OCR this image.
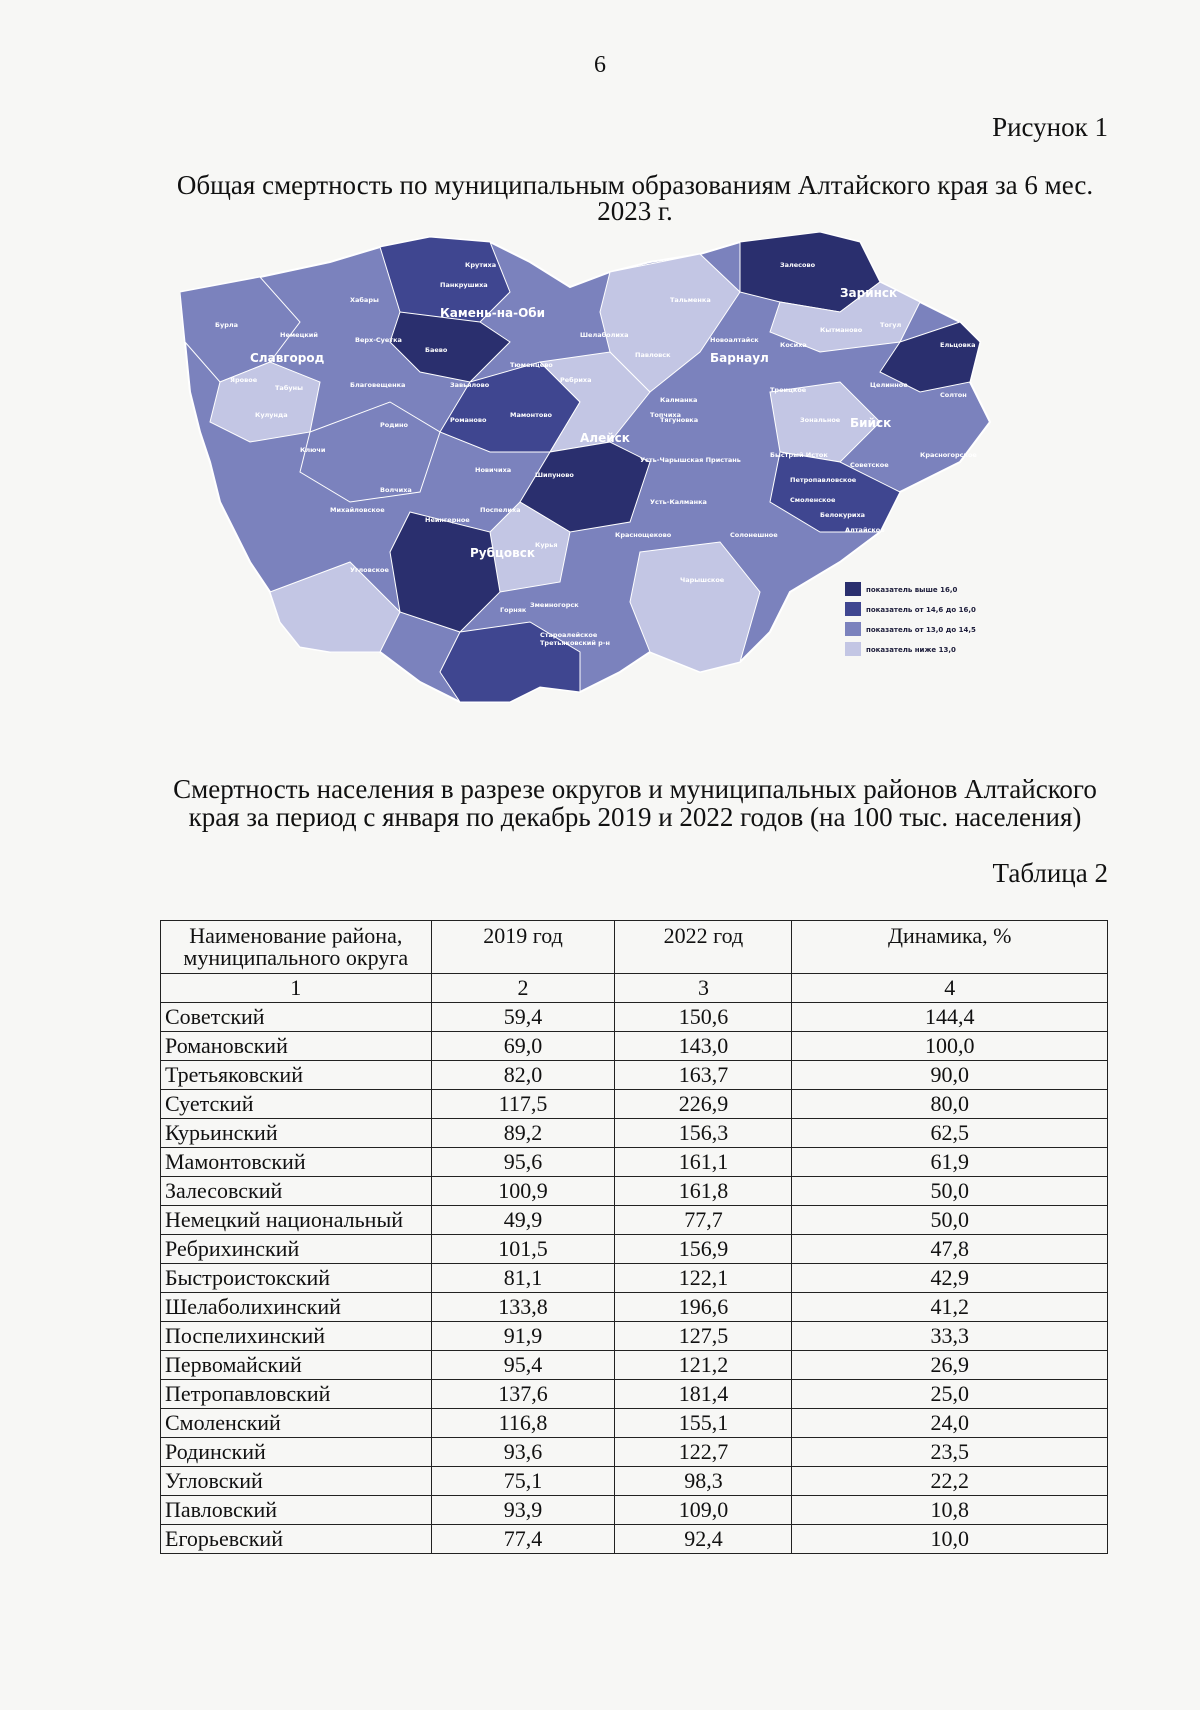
6
Рисунок 1
Общая смертность по муниципальным образованиям Алтайского края за 6 мес. 2023 г.
Крутиха
Панкрушиха
Хабары
Камень-на-Оби
Бурла
Немецкий
Славгород
Яровое
Табуны
Верх-Суетка
Баево
Благовещенка
Тюменцево
Шелаболиха
Кулунда
Родино
Завьялово
Мамонтово
Романово
Ребриха
Павловск
Тальменка
Новоалтайск
Барнаул
Залесово
Заринск
Кытманово
Тогул
Ельцовка
Косиха
Калманка
Тягуновка
Троицкое
Целинное
Солтон
Ключи
Алейск
Топчиха
Зональное Бийск
Волчиха
Новичиха
Шипуново
Усть-Чарышская Пристань
Быстрый Исток
Советское
Красногорское
Михайловское
Петропавловское
Смоленское
Поспелиха
Усть-Калманка
Белокуриха
Алтайское
Неингерное
Курья
Краснощеково	Солонешное
Рубцовск
Угловское
Чарышское
Горняк
Змеиногорск
Староалейское
Третьяковский р-н
показатель выше 16,0
показатель от 14,6 до 16,0
показатель от 13,0 до 14,5
показатель ниже 13,0
Смертность населения в разрезе округов и муниципальных районов Алтайского края за период с января по декабрь 2019 и 2022 годов (на 100 тыс. населения)
Таблица 2
Наименование района, муниципального округа	2019 год	2022 год	Динамика, %
1	2	3	4
Советский	59,4	150,6	144,4
Романовский	69,0	143,0	100,0
Третьяковский	82,0	163,7	90,0
Суетский	117,5	226,9	80,0
Курьинский	89,2	156,3	62,5
Мамонтовский	95,6	161,1	61,9
Залесовский	100,9	161,8	50,0
Немецкий национальный	49,9	77,7	50,0
Ребрихинский	101,5	156,9	47,8
Быстроистокский	81,1	122,1	42,9
Шелаболихинский	133,8	196,6	41,2
Поспелихинский	91,9	127,5	33,3
Первомайский	95,4	121,2	26,9
Петропавловский	137,6	181,4	25,0
Смоленский	116,8	155,1	24,0
Родинский	93,6	122,7	23,5
Угловский	75,1	98,3	22,2
Павловский	93,9	109,0	10,8
Егорьевский	77,4	92,4	10,0
